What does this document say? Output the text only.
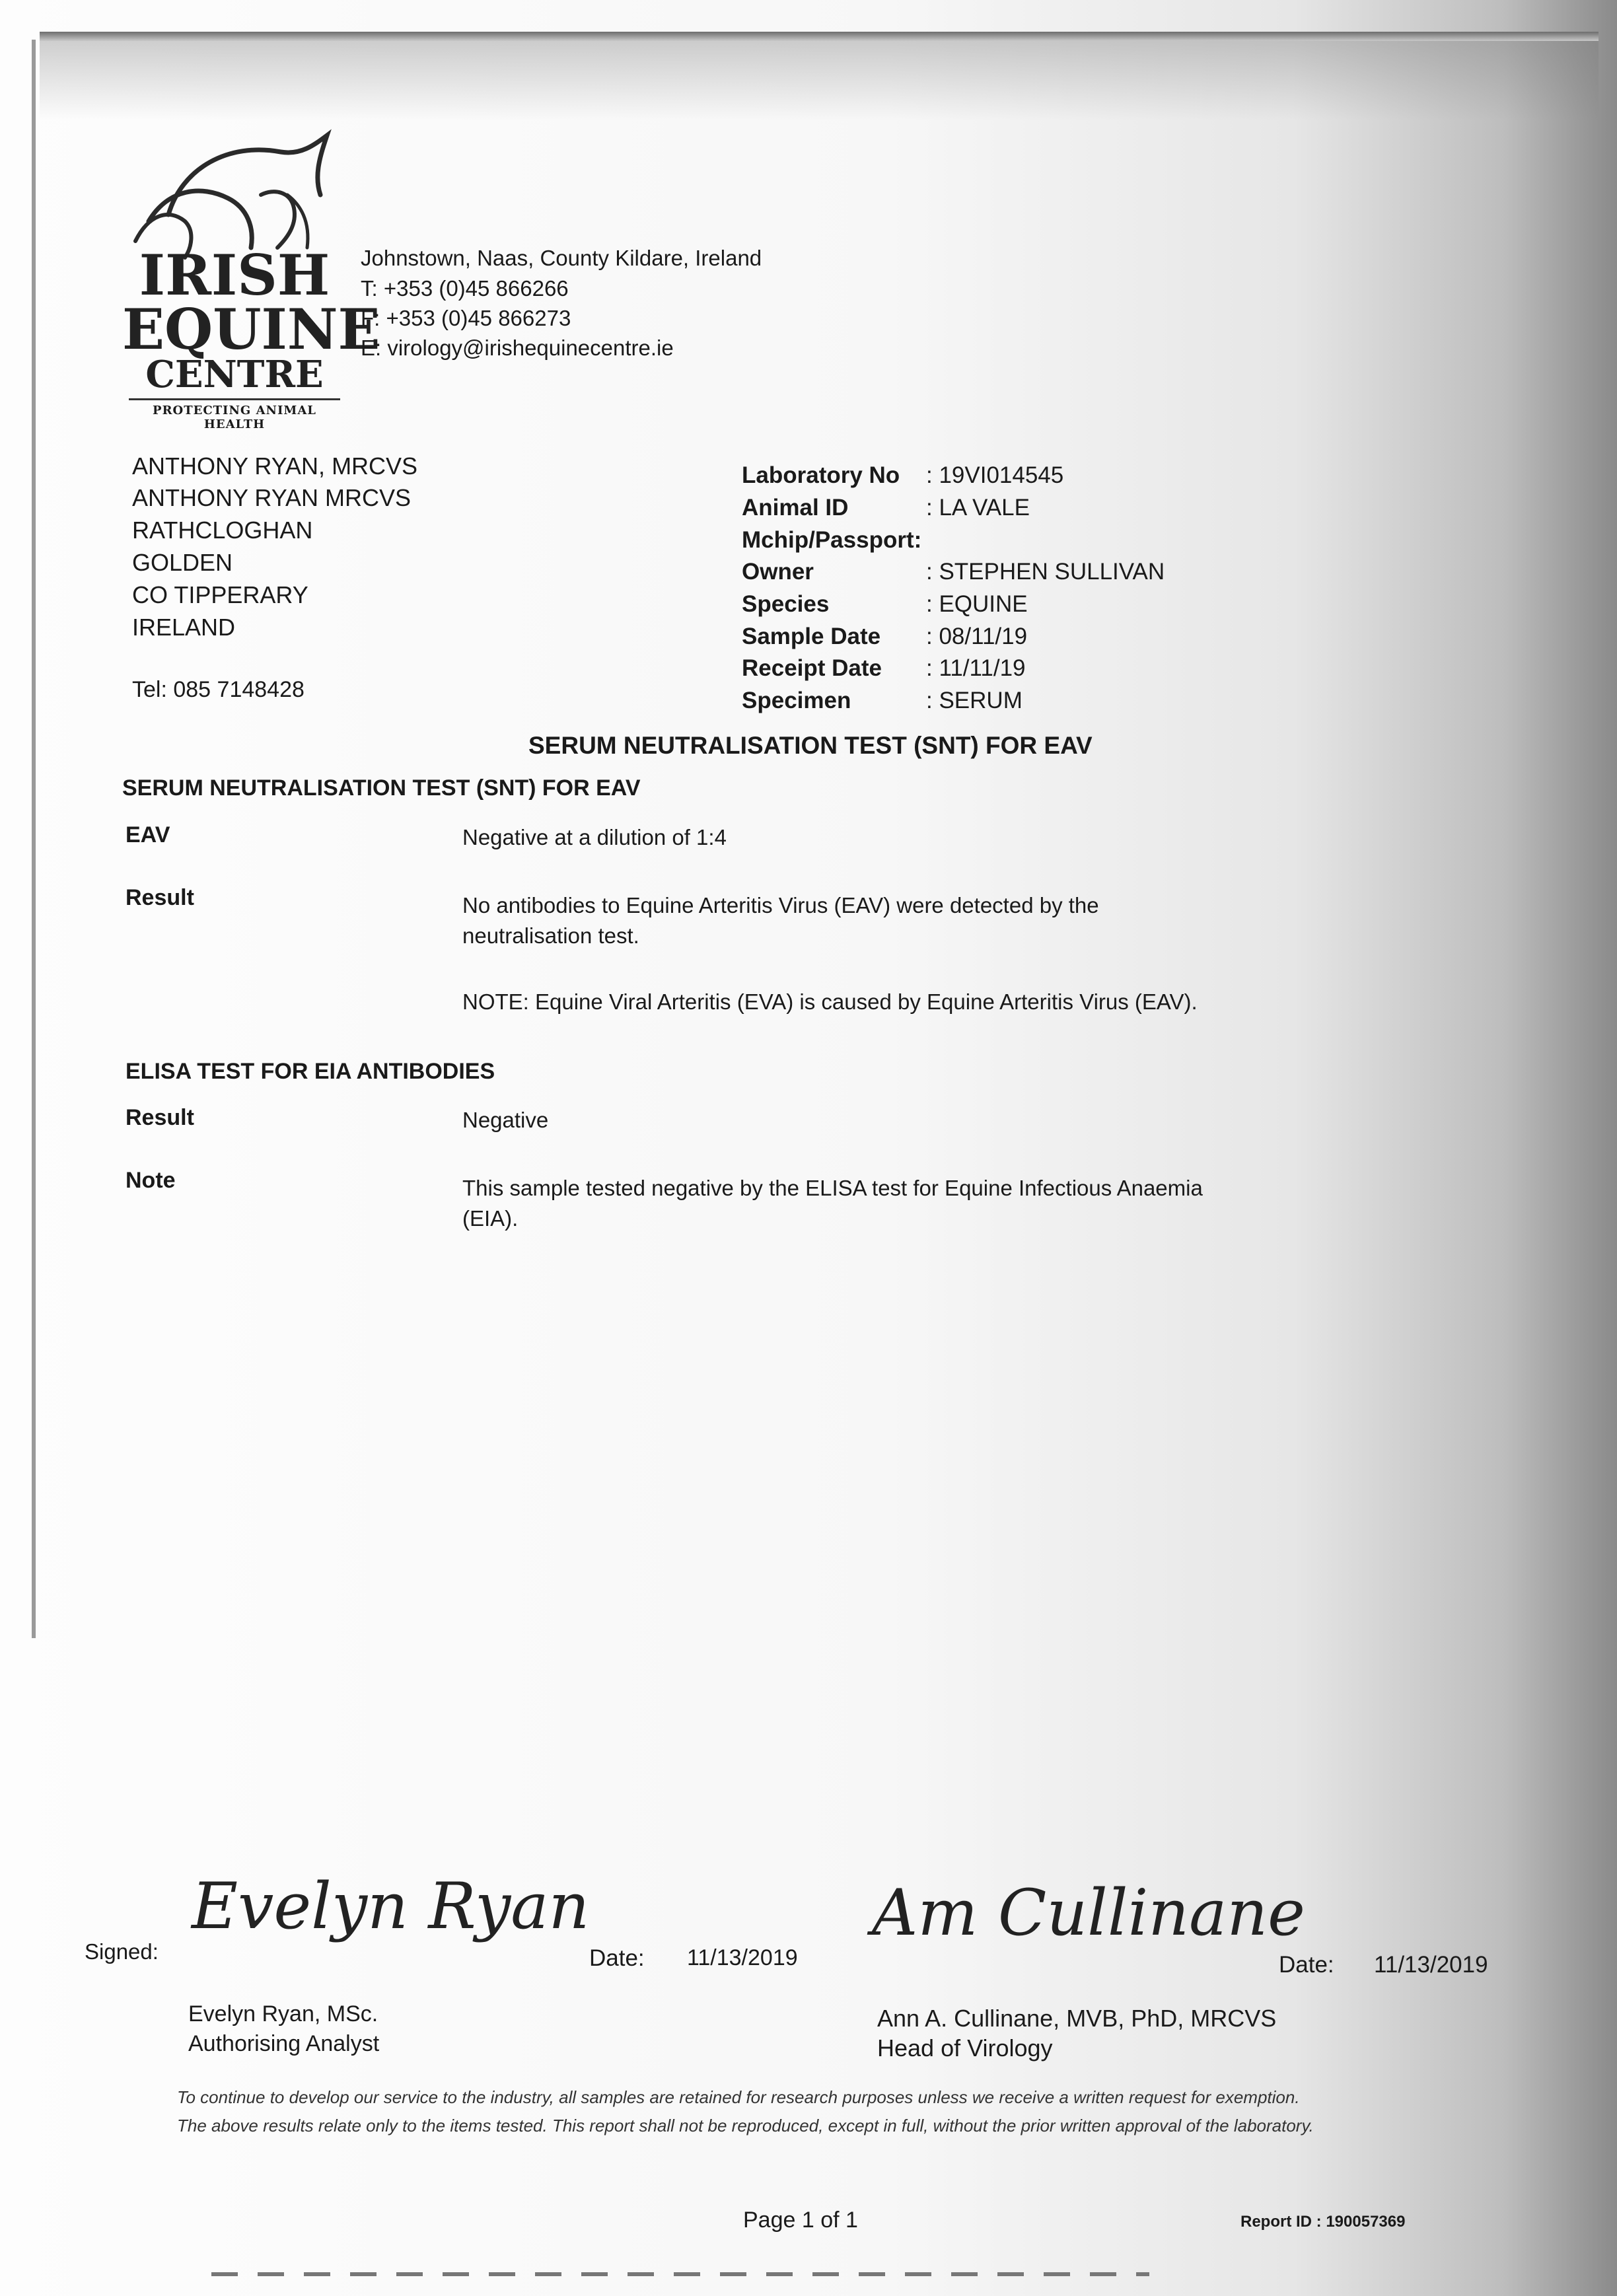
IRISH
EQUINE
CENTRE
PROTECTING ANIMAL HEALTH
Johnstown, Naas, County Kildare, Ireland
T: +353 (0)45 866266
F: +353 (0)45 866273
E: virology@irishequinecentre.ie
ANTHONY RYAN, MRCVS
ANTHONY RYAN MRCVS
RATHCLOGHAN
GOLDEN
CO TIPPERARY
IRELAND
Tel: 085 7148428
Laboratory No : 19VI014545
Animal ID	: LA VALE
Mchip/Passport:
Owner	: STEPHEN SULLIVAN
Species	: EQUINE
Sample Date : 08/11/19
Receipt Date : 11/11/19
Specimen	: SERUM
SERUM NEUTRALISATION TEST (SNT) FOR EAV
SERUM NEUTRALISATION TEST (SNT) FOR EAV
EAV	Negative at a dilution of 1:4
Result	No antibodies to Equine Arteritis Virus (EAV) were detected by the neutralisation test.
NOTE: Equine Viral Arteritis (EVA) is caused by Equine Arteritis Virus (EAV).
ELISA TEST FOR EIA ANTIBODIES
Result	Negative
Note	This sample tested negative by the ELISA test for Equine Infectious Anaemia (EIA).
Signed:
Evelyn Ryan
Date: 11/13/2019
Evelyn Ryan, MSc.
Authorising Analyst
Am Cullinane
Date: 11/13/2019
Ann A. Cullinane, MVB, PhD, MRCVS
Head of Virology
To continue to develop our service to the industry, all samples are retained for research purposes unless we receive a written request for exemption.
The above results relate only to the items tested. This report shall not be reproduced, except in full, without the prior written approval of the laboratory.
Page 1 of 1	Report ID : 190057369
